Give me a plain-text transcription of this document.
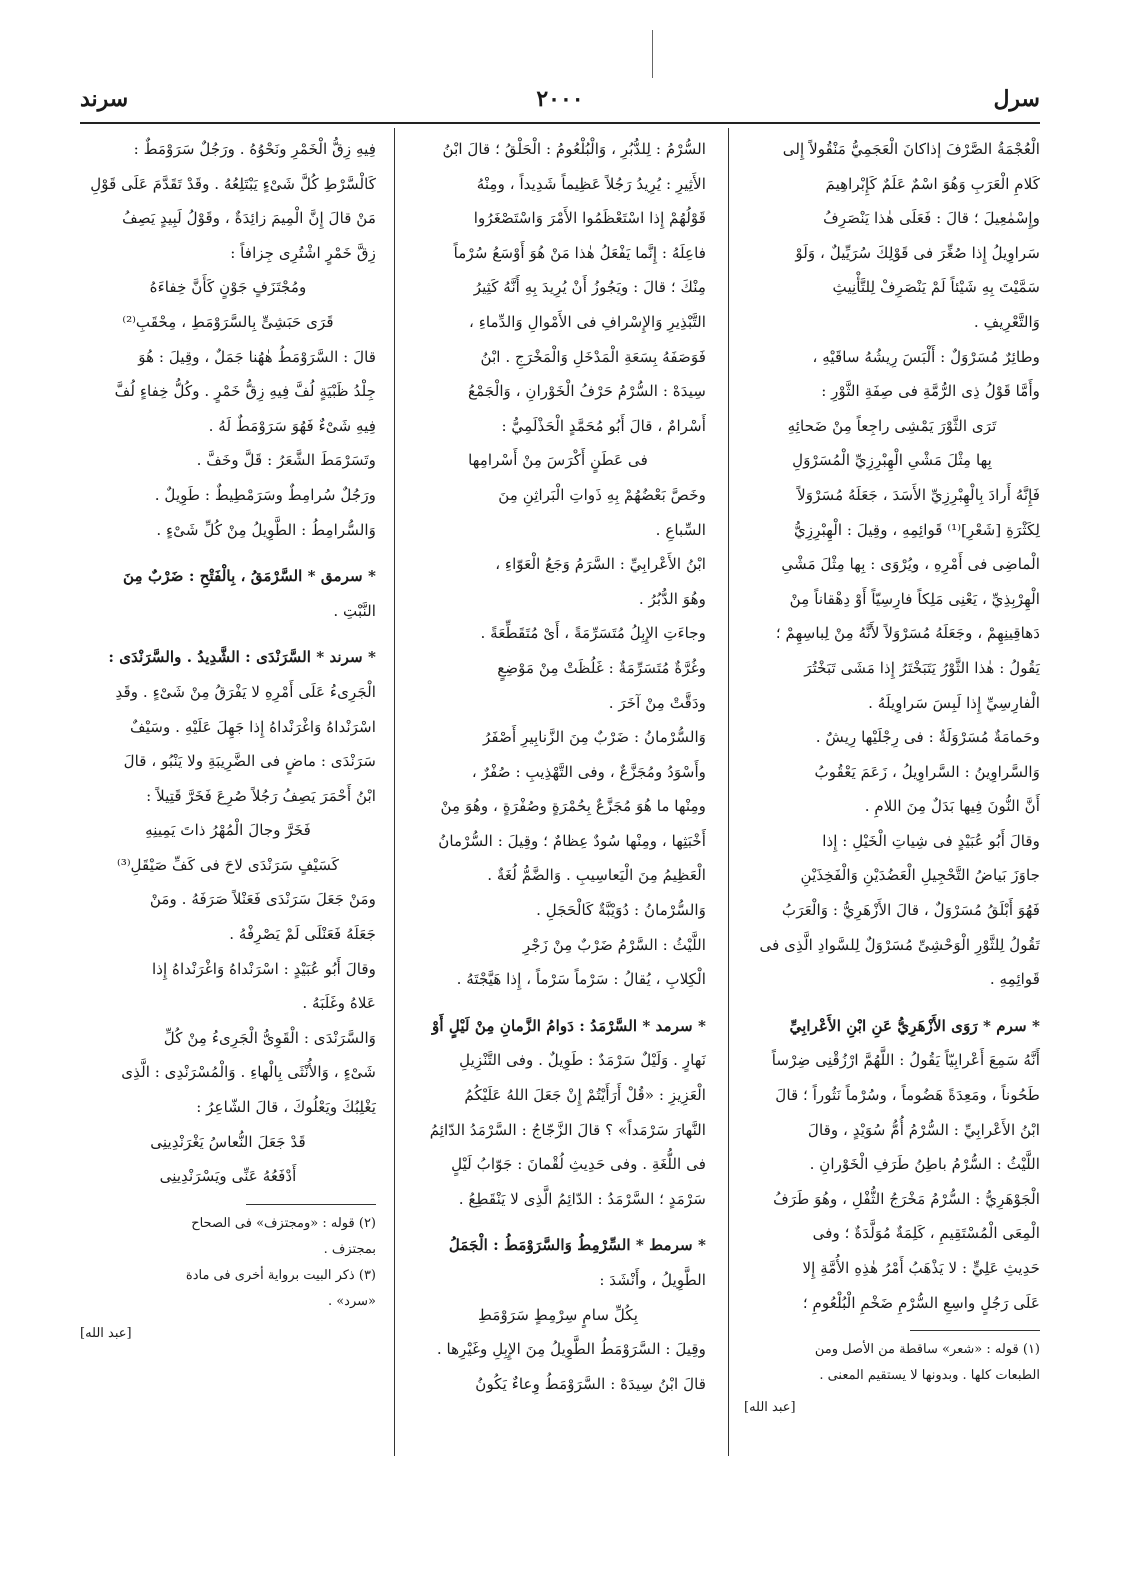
سرل
٢٠٠٠
سرند

الْعُجْمَةُ الصَّرْفَ إذاكانَ الْعَجَمِيُّ مَنْقُولاً إِلى

كَلامِ الْعَرَبِ وَهُوَ اسْمٌ عَلَمٌ كَإِبْراهِيمَ

وإِسْمٰعِيلَ ؛ قالَ : فَعَلَى هٰذا يَنْصَرِفُ

سَراوِيلُ إِذا صُغِّرَ فى قَوْلِكَ سُرَيِّيلٌ ، وَلَوْ

سَمَّيْتَ بِهِ شَيْئاً لَمْ يَنْصَرِفْ لِلتَّأْنِيثِ

وَالتَّعْرِيفِ .

وطائِرٌ مُسَرْوَلٌ : أَلْبَسَ رِيشُهُ ساقَيْهِ ،

وأَمَّا قَوْلُ ذِى الرُّمَّةِ فى صِفَةِ الثَّوْرِ :

تَرَى الثَّوْرَ يَمْشِى راجِعاً مِنْ ضَحائِهِ

بِها مِثْلَ مَشْىِ الْهِبْرِزِيِّ الْمُسَرْوَلِ

فَإِنَّهُ أَرادَ بِالْهِبْرِزِيِّ الأَسَدَ ، جَعَلَهُ مُسَرْوَلاً

لِكَثْرَةِ [شَعْرِ]⁽¹⁾ قَوائِمِهِ ، وقِيلَ : الْهِبْرِزِيُّ

الْماضِى فى أَمْرِهِ ، ويُرْوَى : بِها مِثْلَ مَشْىِ

الْهِرْبِذِيِّ ، يَعْنِى مَلِكاً فارِسِيّاً أَوْ دِهْقاناً مِنْ

دَهاقِينِهِمْ ، وجَعَلَهُ مُسَرْوَلاً لأَنَّهُ مِنْ لِباسِهِمْ ؛

يَقُولُ : هٰذا الثَّوْرُ يَتَبَخْتَرُ إِذا مَشَى تَبَخْتُرَ

الْفارِسِيِّ إِذا لَبِسَ سَراوِيلَهُ .

وحَمامَةٌ مُسَرْوَلَةٌ : فى رِجْلَيْها رِيشٌ .

وَالسَّراوِينُ : السَّراوِيلُ ، زَعَمَ يَعْقُوبُ

أَنَّ النُّونَ فِيها بَدَلٌ مِنَ اللامِ .

وقالَ أَبُو عُبَيْدٍ فى شِياتِ الْخَيْلِ : إِذا

جاوَزَ بَياضُ التَّحْجِيلِ الْعَضُدَيْنِ وَالْفَخِذَيْنِ

فَهُوَ أَبْلَقُ مُسَرْوَلٌ ، قالَ الأَزْهَرِيُّ : وَالْعَرَبُ

تَقُولُ لِلثَّوْرِ الْوَحْشِىِّ مُسَرْوَلٌ لِلسَّوادِ الَّذِى فى

قَوائِمِهِ .

* سرم * رَوَى الأَزْهَرِيُّ عَنِ ابْنِ الأَعْرابِيِّ

أَنَّهُ سَمِعَ أَعْرابِيّاً يَقُولُ : اللَّهُمَّ ارْزُقْنِى ضِرْساً

طَحُوناً ، ومَعِدَةً هَضُوماً ، وسُرْماً نَثُوراً ؛ قالَ

ابْنُ الأَعْرابِيِّ : السُّرْمُ أُمُّ سُوَيْدٍ ، وقالَ

اللَّيْثُ : السُّرْمُ باطِنُ طَرَفِ الْخَوْرانِ .

الْجَوْهَرِيُّ : السُّرْمُ مَخْرَجُ الثُّفْلِ ، وهُوَ طَرَفُ

الْمِعَى الْمُسْتَقِيمِ ، كَلِمَةٌ مُوَلَّدَةٌ ؛ وفى

حَدِيثِ عَلِيٍّ : لا يَذْهَبُ أَمْرُ هٰذِهِ الأُمَّةِ إِلا

عَلَى رَجُلٍ واسِعِ السُّرْمِ ضَخْمِ الْبُلْعُومِ ؛

(١) قوله : «شعر» ساقطة من الأصل ومن

الطبعات كلها . وبدونها لا يستقيم المعنى .

[عبد الله]

السُّرْمُ : لِلدُّبُرِ ، وَالْبُلْعُومُ : الْحَلْقُ ؛ قالَ ابْنُ

الأَثِيرِ : يُرِيدُ رَجُلاً عَظِيماً شَدِيداً ، ومِنْهُ

قَوْلُهُمْ إِذا اسْتَعْظَمُوا الأَمْرَ وَاسْتَصْغَرُوا

فاعِلَهُ : إِنَّما يَفْعَلُ هٰذا مَنْ هُوَ أَوْسَعُ سُرْماً

مِنْكَ ؛ قالَ : ويَجُوزُ أَنْ يُرِيدَ بِهِ أَنَّهُ كَثِيرُ

التَّبْذِيرِ وَالإِسْرافِ فى الأَمْوالِ وَالدِّماءِ ،

فَوَصَفَهُ بِسَعَةِ الْمَدْخَلِ وَالْمَخْرَجِ . ابْنُ

سِيدَهْ : السُّرْمُ حَرْفُ الْخَوْرانِ ، وَالْجَمْعُ

أَسْرامٌ ، قالَ أَبُو مُحَمَّدٍ الْحَذْلَمِيُّ :

فى عَطَنٍ أَكْرَسَ مِنْ أَسْرامِها

وخَصَّ بَعْضُهُمْ بِهِ ذَواتِ الْبَراثِنِ مِنَ

السِّباعِ .

ابْنُ الأَعْرابِيِّ : السَّرَمُ وَجَعُ الْعَوّاءِ ،

وهُوَ الدُّبُرُ .

وجاءَتِ الإِبِلُ مُتَسَرِّمَةً ، أَىْ مُتَقَطِّعَةً .

وغُرَّةٌ مُتَسَرِّمَةٌ : غَلُظَتْ مِنْ مَوْضِعٍ

ودَقَّتْ مِنْ آخَرَ .

وَالسُّرْمانُ : ضَرْبٌ مِنَ الزَّنابِيرِ أَصْفَرُ

وأَسْوَدُ ومُجَزَّعٌ ، وفى التَّهْذِيبِ : صُفْرٌ ،

ومِنْها ما هُوَ مُجَزَّعٌ بِحُمْرَةٍ وصُفْرَةٍ ، وهُوَ مِنْ

أَخْبَثِها ، ومِنْها سُودٌ عِظامٌ ؛ وقِيلَ : السُّرْمانُ

الْعَظِيمُ مِنَ الْيَعاسِيبِ . وَالضَّمُّ لُغَةٌ .

وَالسُّرْمانُ : دُوَيْبَّةٌ كَالْحَجَلِ .

اللَّيْثُ : السَّرْمُ ضَرْبٌ مِنْ زَجْرِ

الْكِلابِ ، يُقالُ : سَرْماً سَرْماً ، إِذا هَيَّجْتَهُ .

* سرمد * السَّرْمَدُ : دَوامُ الزَّمانِ مِنْ لَيْلٍ أَوْ

نَهارٍ . وَلَيْلٌ سَرْمَدٌ : طَوِيلٌ . وفى التَّنْزِيلِ

الْعَزِيزِ : «قُلْ أَرَأَيْتُمْ إِنْ جَعَلَ اللهُ عَلَيْكُمُ

النَّهارَ سَرْمَداً» ؟ قالَ الزَّجّاجُ : السَّرْمَدُ الدّائِمُ

فى اللُّغَةِ . وفى حَدِيثِ لُقْمانَ : جَوّابُ لَيْلٍ

سَرْمَدٍ ؛ السَّرْمَدُ : الدّائِمُ الَّذِى لا يَنْقَطِعُ .

* سرمط * السِّرْمِطُ وَالسَّرَوْمَطُ : الْجَمَلُ

الطَّوِيلُ ، وأَنْشَدَ :

بِكُلِّ سامٍ سِرْمِطٍ سَرَوْمَطِ

وقِيلَ : السَّرَوْمَطُ الطَّوِيلُ مِنَ الإِبِلِ وغَيْرِها .

قالَ ابْنُ سِيدَهْ : السَّرَوْمَطُ وِعاءٌ يَكُونُ

فِيهِ زِقُّ الْخَمْرِ ونَحْوُهُ . ورَجُلٌ سَرَوْمَطٌ :

كَالْسَّرْطِ كُلَّ شَىْءٍ يَبْتَلِعُهُ . وقَدْ تَقَدَّمَ عَلَى قَوْلِ

مَنْ قالَ إِنَّ الْمِيمَ زائِدَةٌ ، وقَوْلُ لَبِيدٍ يَصِفُ

زِقَّ خَمْرٍ اشْتُرِى جِزافاً :

ومُجْتَزَفٍ جَوْنٍ كَأَنَّ خِفاءَهُ

قَرَى حَبَشِىٍّ بِالسَّرَوْمَطِ ، مِحْقَبِ⁽²⁾

قالَ : السَّرَوْمَطُ هٰهُنا جَمَلٌ ، وقِيلَ : هُوَ

جِلْدُ ظَبْيَةٍ لُفَّ فِيهِ زِقُّ خَمْرٍ . وكُلُّ خِفاءٍ لُفَّ

فِيهِ شَىْءٌ فَهُوَ سَرَوْمَطٌ لَهُ .

وتَسَرْمَطَ الشَّعَرُ : قَلَّ وخَفَّ .

ورَجُلٌ سُرامِطٌ وسَرَمْطِيطٌ : طَوِيلٌ .

وَالسُّرامِطُ : الطَّوِيلُ مِنْ كُلِّ شَىْءٍ .

* سرمق * السَّرْمَقُ ، بِالْفَتْحِ : ضَرْبٌ مِنَ

النَّبْتِ .

* سرند * السَّرَنْدَى : الشَّدِيدُ . والسَّرَنْدَى :

الْجَرِىءُ عَلَى أَمْرِهِ لا يَفْرَقُ مِنْ شَىْءٍ . وقَدِ

اسْرَنْداهُ وَاغْرَنْداهُ إِذا جَهِلَ عَلَيْهِ . وسَيْفٌ

سَرَنْدَى : ماضٍ فى الضَّرِيبَةِ ولا يَنْبُو ، قالَ

ابْنُ أَحْمَرَ يَصِفُ رَجُلاً صُرِعَ فَخَرَّ قَتِيلاً :

فَخَرَّ وجالَ الْمُهْرُ ذاتَ يَمِينِهِ

كَسَيْفٍ سَرَنْدَى لاحَ فى كَفِّ صَيْقَلِ⁽³⁾

ومَنْ جَعَلَ سَرَنْدَى فَعَنْلاً صَرَفَهُ . ومَنْ

جَعَلَهُ فَعَنْلَى لَمْ يَصْرِفْهُ .

وقالَ أَبُو عُبَيْدٍ : اسْرَنْداهُ وَاغْرَنْداهُ إِذا

عَلاهُ وغَلَبَهُ .

وَالسَّرَنْدَى : الْقَوِىُّ الْجَرِىءُ مِنْ كُلِّ

شَىْءٍ ، وَالأُنْثَى بِالْهاءِ . وَالْمُسْرَنْدِى : الَّذِى

يَغْلِبُكَ ويَعْلُوكَ ، قالَ الشّاعِرُ :

قَدْ جَعَلَ النُّعاسُ يَغْرَنْدِينِى

أَدْفَعُهُ عَنِّى ويَسْرَنْدِينِى

(٢) قوله : «ومجتزف» فى الصحاح

بمجتزف .

(٣) ذكر البيت برواية أخرى فى مادة

«سرد» .

[عبد الله]
